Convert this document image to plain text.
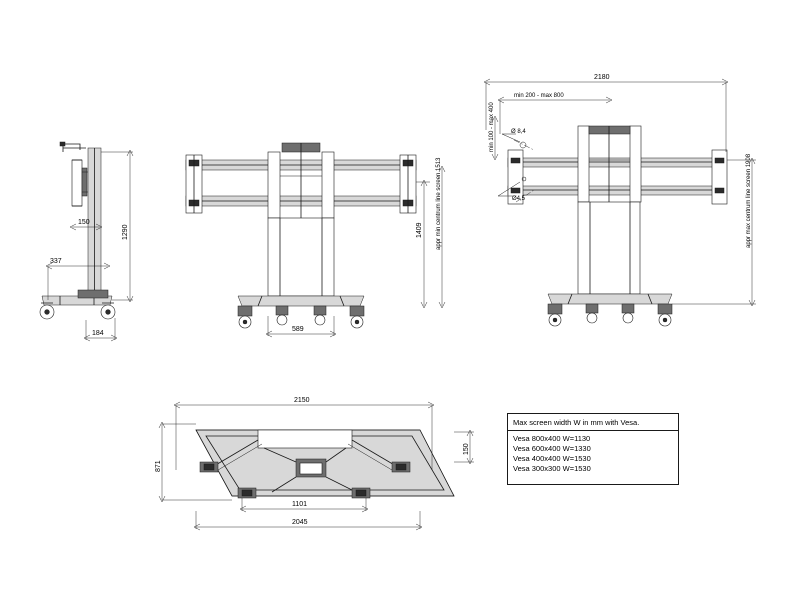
1290
150
337
184
appr min centrum line screen 1513
1409
589
2180
min 200 - max 800
min 100 - max 400	Ø 8,4
Ø4,5	appr max centrum line screen 1908
2150
871
150
1101
2045
Max screen width W in mm with Vesa.
Vesa 800x400 W=1130
Vesa 600x400 W=1330
Vesa 400x400 W=1530
Vesa 300x300 W=1530
